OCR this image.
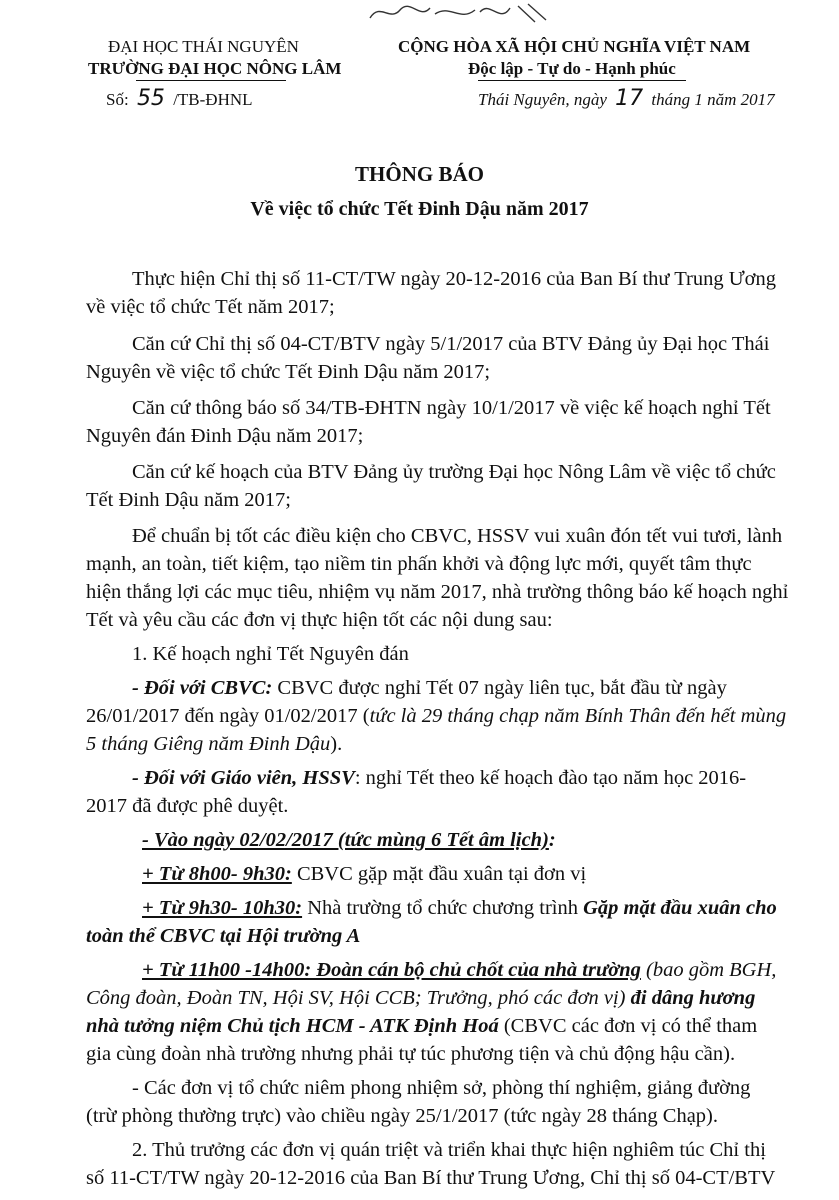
ĐẠI HỌC THÁI NGUYÊN
TRƯỜNG ĐẠI HỌC NÔNG LÂM
Số: 55 /TB-ĐHNL
CỘNG HÒA XÃ HỘI CHỦ NGHĨA VIỆT NAM
Độc lập - Tự do - Hạnh phúc
Thái Nguyên, ngày 17 tháng 1 năm 2017
THÔNG BÁO
Về việc tổ chức Tết Đinh Dậu năm 2017
Thực hiện Chỉ thị số 11-CT/TW ngày 20-12-2016 của Ban Bí thư Trung Ương
về việc tổ chức Tết năm 2017;
Căn cứ Chỉ thị số 04-CT/BTV ngày 5/1/2017 của BTV Đảng ủy Đại học Thái
Nguyên về việc tổ chức Tết Đinh Dậu năm 2017;
Căn cứ thông báo số 34/TB-ĐHTN ngày 10/1/2017 về việc kế hoạch nghỉ Tết
Nguyên đán Đinh Dậu năm 2017;
Căn cứ kế hoạch của BTV Đảng ủy trường Đại học Nông Lâm về việc tổ chức
Tết Đinh Dậu năm 2017;
Để chuẩn bị tốt các điều kiện cho CBVC, HSSV vui xuân đón tết vui tươi, lành
mạnh, an toàn, tiết kiệm, tạo niềm tin phấn khởi và động lực mới, quyết tâm thực
hiện thắng lợi các mục tiêu, nhiệm vụ năm 2017, nhà trường thông báo kế hoạch nghỉ
Tết và yêu cầu các đơn vị thực hiện tốt các nội dung sau:
1. Kế hoạch nghỉ Tết Nguyên đán
- Đối với CBVC: CBVC được nghỉ Tết 07 ngày liên tục, bắt đầu từ ngày
26/01/2017 đến ngày 01/02/2017 (tức là 29 tháng chạp năm Bính Thân đến hết mùng
5 tháng Giêng năm Đinh Dậu).
- Đối với Giáo viên, HSSV: nghỉ Tết theo kế hoạch đào tạo năm học 2016-
2017 đã được phê duyệt.
- Vào ngày 02/02/2017 (tức mùng 6 Tết âm lịch):
+ Từ 8h00- 9h30: CBVC gặp mặt đầu xuân tại đơn vị
+ Từ 9h30- 10h30: Nhà trường tổ chức chương trình Gặp mặt đầu xuân cho
toàn thể CBVC tại Hội trường A
+ Từ 11h00 -14h00: Đoàn cán bộ chủ chốt của nhà trường (bao gồm BGH,
Công đoàn, Đoàn TN, Hội SV, Hội CCB; Trưởng, phó các đơn vị) đi dâng hương
nhà tưởng niệm Chủ tịch HCM - ATK Định Hoá (CBVC các đơn vị có thể tham
gia cùng đoàn nhà trường nhưng phải tự túc phương tiện và chủ động hậu cần).
- Các đơn vị tổ chức niêm phong nhiệm sở, phòng thí nghiệm, giảng đường
(trừ phòng thường trực) vào chiều ngày 25/1/2017 (tức ngày 28 tháng Chạp).
2. Thủ trưởng các đơn vị quán triệt và triển khai thực hiện nghiêm túc Chỉ thị
số 11-CT/TW ngày 20-12-2016 của Ban Bí thư Trung Ương, Chỉ thị số 04-CT/BTV
